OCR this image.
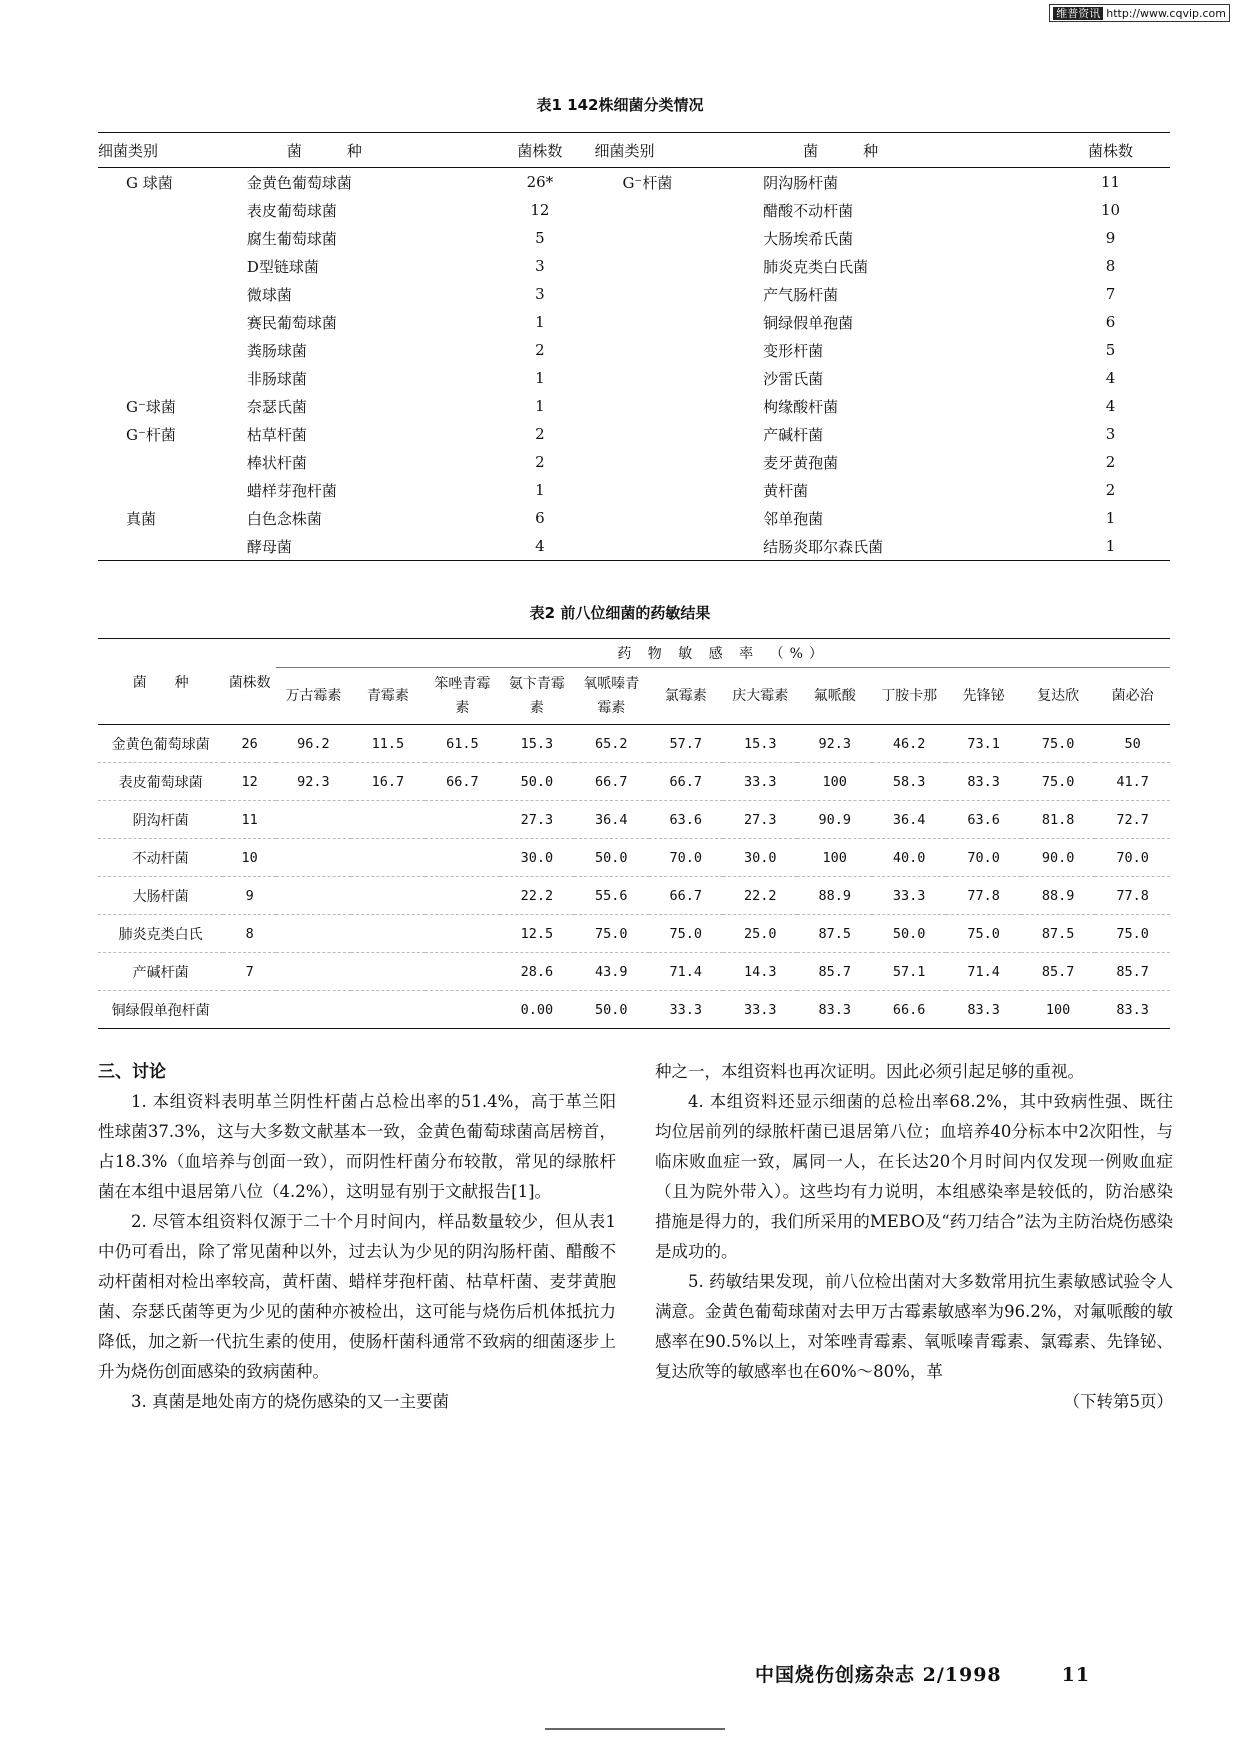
维普资讯 http://www.cqvip.com
表1 142株细菌分类情况
细菌类别	菌　　　种	菌株数	细菌类别	菌　　　种	菌株数
G 球菌	金黄色葡萄球菌	26*	G⁻杆菌	阴沟肠杆菌	11
	表皮葡萄球菌	12		醋酸不动杆菌	10
	腐生葡萄球菌	5		大肠埃希氏菌	9
	D型链球菌	3		肺炎克类白氏菌	8
	微球菌	3		产气肠杆菌	7
	赛民葡萄球菌	1		铜绿假单孢菌	6
	粪肠球菌	2		变形杆菌	5
	非肠球菌	1		沙雷氏菌	4
G⁻球菌	奈瑟氏菌	1		枸缘酸杆菌	4
G⁻杆菌	枯草杆菌	2		产碱杆菌	3
	棒状杆菌	2		麦牙黄孢菌	2
	蜡样芽孢杆菌	1		黄杆菌	2
真菌	白色念株菌	6		邻单孢菌	1
	酵母菌	4		结肠炎耶尔森氏菌	1
表2 前八位细菌的药敏结果
菌　　种	菌株数	药 物 敏 感 率 （%）											
		万古霉素	青霉素	笨唑青霉素	氨卞青霉素	氧哌嗪青霉素	氯霉素	庆大霉素	氟哌酸	丁胺卡那	先锋铋	复达欣	菌必治
金黄色葡萄球菌	26	96.2	11.5	61.5	15.3	65.2	57.7	15.3	92.3	46.2	73.1	75.0	50
表皮葡萄球菌	12	92.3	16.7	66.7	50.0	66.7	66.7	33.3	100	58.3	83.3	75.0	41.7
阴沟杆菌	11				27.3	36.4	63.6	27.3	90.9	36.4	63.6	81.8	72.7
不动杆菌	10				30.0	50.0	70.0	30.0	100	40.0	70.0	90.0	70.0
大肠杆菌	9				22.2	55.6	66.7	22.2	88.9	33.3	77.8	88.9	77.8
肺炎克类白氏	8				12.5	75.0	75.0	25.0	87.5	50.0	75.0	87.5	75.0
产碱杆菌	7				28.6	43.9	71.4	14.3	85.7	57.1	71.4	85.7	85.7
铜绿假单孢杆菌					0.00	50.0	33.3	33.3	83.3	66.6	83.3	100	83.3
三、讨论

1. 本组资料表明革兰阴性杆菌占总检出率的51.4%，高于革兰阳性球菌37.3%，这与大多数文献基本一致，金黄色葡萄球菌高居榜首，占18.3%（血培养与创面一致），而阴性杆菌分布较散，常见的绿脓杆菌在本组中退居第八位（4.2%），这明显有别于文献报告[1]。

2. 尽管本组资料仅源于二十个月时间内，样品数量较少，但从表1中仍可看出，除了常见菌种以外，过去认为少见的阴沟肠杆菌、醋酸不动杆菌相对检出率较高，黄杆菌、蜡样芽孢杆菌、枯草杆菌、麦芽黄胞菌、奈瑟氏菌等更为少见的菌种亦被检出，这可能与烧伤后机体抵抗力降低，加之新一代抗生素的使用，使肠杆菌科通常不致病的细菌逐步上升为烧伤创面感染的致病菌种。

3. 真菌是地处南方的烧伤感染的又一主要菌

种之一，本组资料也再次证明。因此必须引起足够的重视。

4. 本组资料还显示细菌的总检出率68.2%，其中致病性强、既往均位居前列的绿脓杆菌已退居第八位；血培养40分标本中2次阳性，与临床败血症一致，属同一人，在长达20个月时间内仅发现一例败血症（且为院外带入）。这些均有力说明，本组感染率是较低的，防治感染措施是得力的，我们所采用的MEBO及“药刀结合”法为主防治烧伤感染是成功的。

5. 药敏结果发现，前八位检出菌对大多数常用抗生素敏感试验令人满意。金黄色葡萄球菌对去甲万古霉素敏感率为96.2%，对氟哌酸的敏感率在90.5%以上，对笨唑青霉素、氧哌嗪青霉素、氯霉素、先锋铋、复达欣等的敏感率也在60%～80%，革

（下转第5页）
中国烧伤创疡杂志 2/1998	11
